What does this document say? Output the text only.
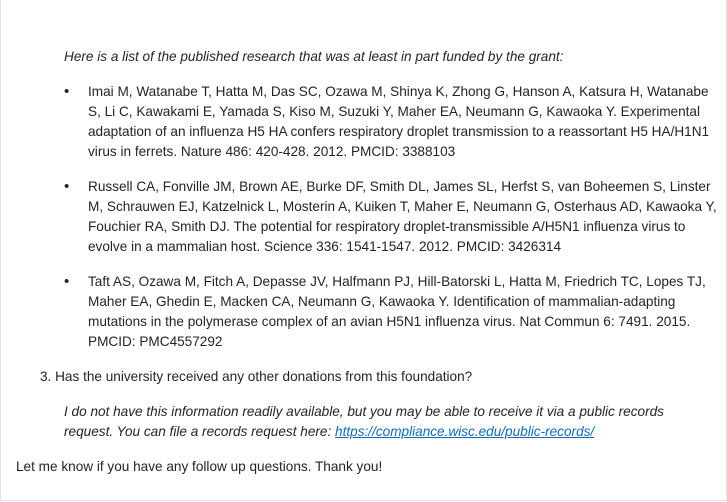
Here is a list of the published research that was at least in part funded by the grant:
• Imai M, Watanabe T, Hatta M, Das SC, Ozawa M, Shinya K, Zhong G, Hanson A, Katsura H, Watanabe S, Li C, Kawakami E, Yamada S, Kiso M, Suzuki Y, Maher EA, Neumann G, Kawaoka Y. Experimental adaptation of an influenza H5 HA confers respiratory droplet transmission to a reassortant H5 HA/H1N1 virus in ferrets. Nature 486: 420-428. 2012. PMCID: 3388103
• Russell CA, Fonville JM, Brown AE, Burke DF, Smith DL, James SL, Herfst S, van Boheemen S, Linster M, Schrauwen EJ, Katzelnick L, Mosterin A, Kuiken T, Maher E, Neumann G, Osterhaus AD, Kawaoka Y, Fouchier RA, Smith DJ. The potential for respiratory droplet-transmissible A/H5N1 influenza virus to evolve in a mammalian host. Science 336: 1541-1547. 2012. PMCID: 3426314
• Taft AS, Ozawa M, Fitch A, Depasse JV, Halfmann PJ, Hill-Batorski L, Hatta M, Friedrich TC, Lopes TJ, Maher EA, Ghedin E, Macken CA, Neumann G, Kawaoka Y. Identification of mammalian-adapting mutations in the polymerase complex of an avian H5N1 influenza virus. Nat Commun 6: 7491. 2015. PMCID: PMC4557292
3. Has the university received any other donations from this foundation?
I do not have this information readily available, but you may be able to receive it via a public records request. You can file a records request here: https://compliance.wisc.edu/public-records/
Let me know if you have any follow up questions. Thank you!
